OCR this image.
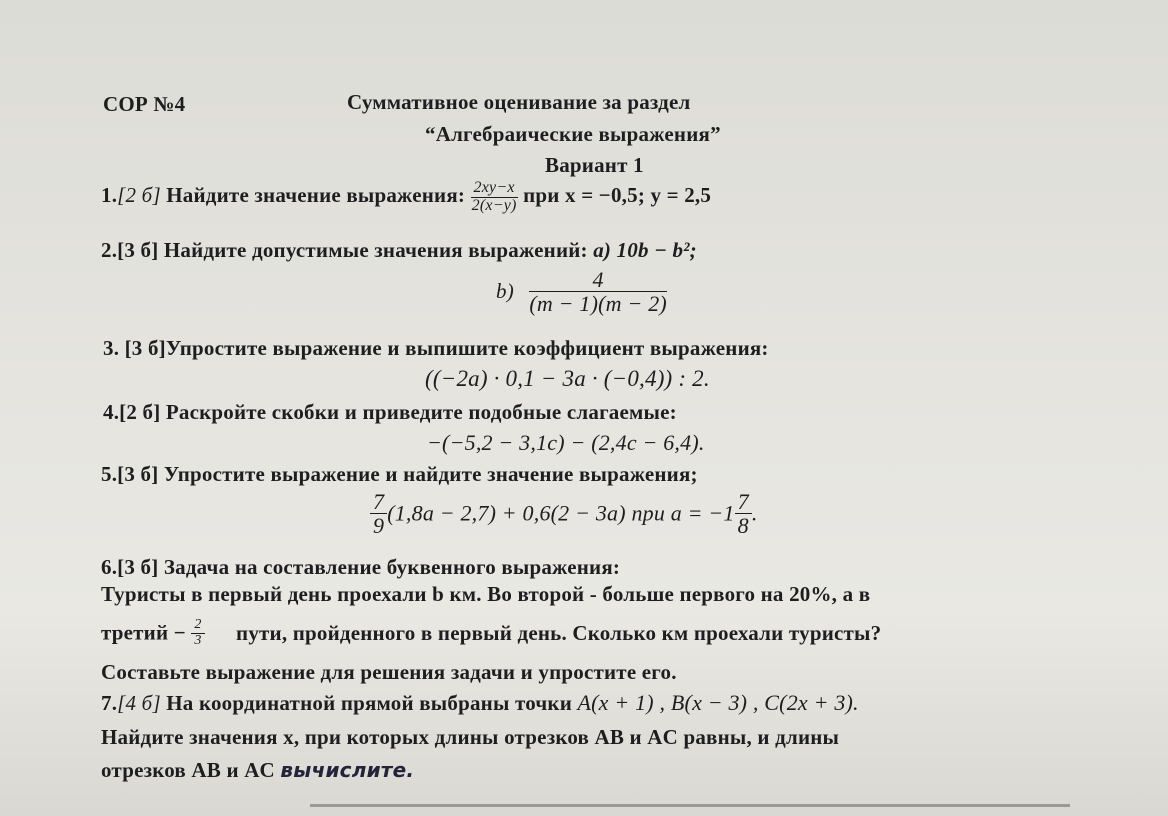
СОР №4	Суммативное оценивание за раздел
“Алгебраические выражения”
Вариант 1
1.[2 б] Найдите значение выражения: $\frac{2xy-x}{2(x-y)}$ при x = −0,5; y = 2,5
2.[3 б] Найдите допустимые значения выражений: a) 10b − b²;
$b) \frac{4}{(m - 1)(m - 2)}$
3. [3 б]Упростите выражение и выпишите коэффициент выражения:
((−2a) · 0,1 − 3a · (−0,4)) : 2.
4.[2 б] Раскройте скобки и приведите подобные слагаемые:
−(−5,2 − 3,1c) − (2,4c − 6,4).
5.[3 б] Упростите выражение и найдите значение выражения;
$\frac{7}{9} (1,8a - 2,7) + 0,6(2 - 3a)$ при $a = -1 \frac{7}{8}$ .
6.[3 б] Задача на составление буквенного выражения:
Туристы в первый день проехали b км. Во второй - больше первого на 20%, а в
третий − $\frac{2}{3}$ пути, пройденного в первый день. Сколько км проехали туристы?
Составьте выражение для решения задачи и упростите его.
7.[4 б] На координатной прямой выбраны точки A(x + 1) , B(x − 3) , C(2x + 3).
Найдите значения x, при которых длины отрезков AB и AC равны, и длины
отрезков AB и AC вычислите.
